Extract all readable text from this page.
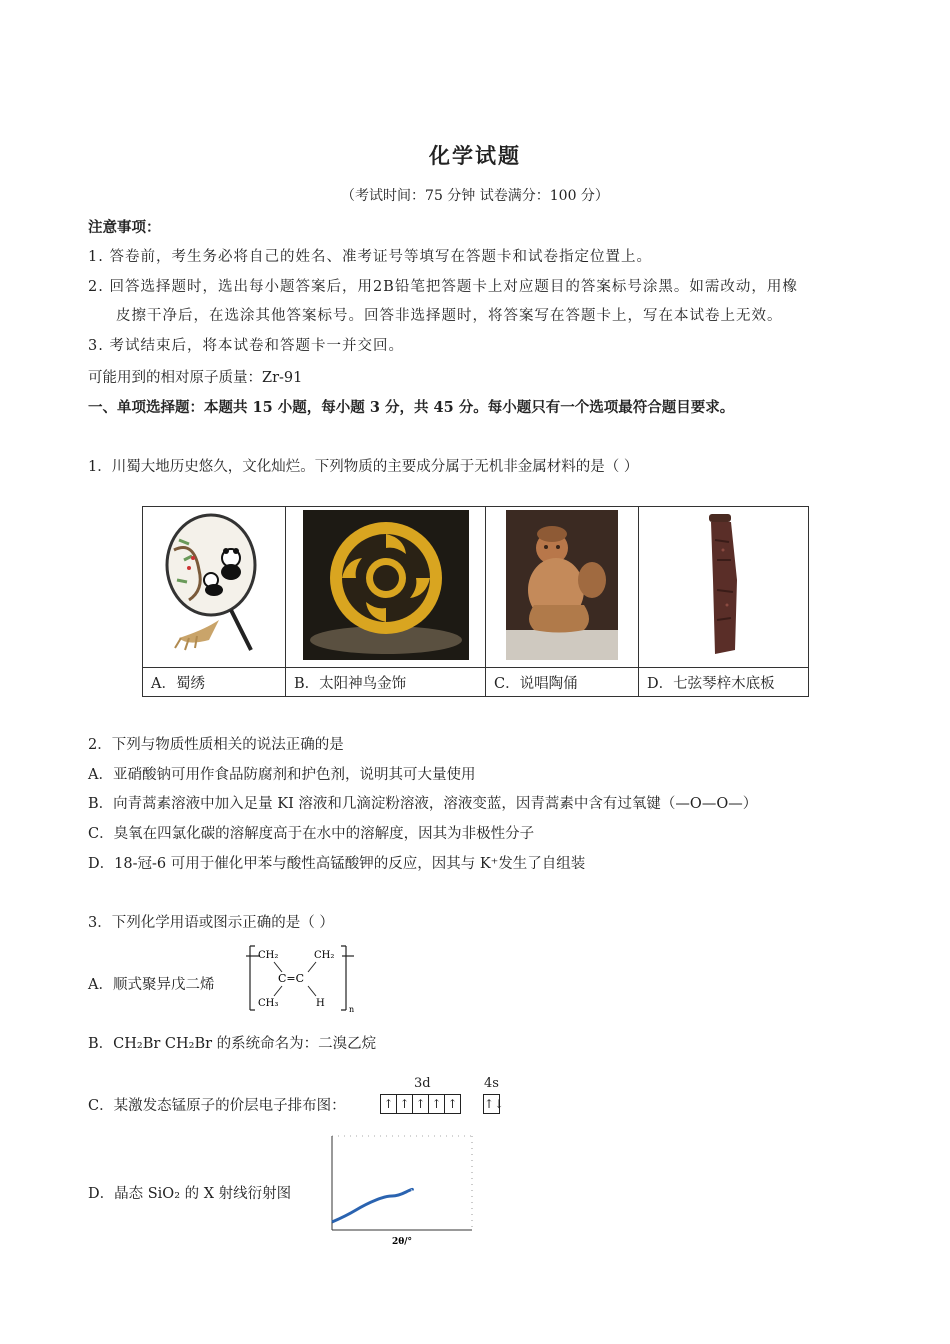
化学试题
（考试时间：75 分钟 试卷满分：100 分）
注意事项：
1. 答卷前，考生务必将自己的姓名、准考证号等填写在答题卡和试卷指定位置上。
2. 回答选择题时，选出每小题答案后，用2B铅笔把答题卡上对应题目的答案标号涂黑。如需改动，用橡
皮擦干净后，在选涂其他答案标号。回答非选择题时，将答案写在答题卡上，写在本试卷上无效。
3. 考试结束后，将本试卷和答题卡一并交回。
可能用到的相对原子质量：Zr-91
一、单项选择题：本题共 15 小题，每小题 3 分，共 45 分。每小题只有一个选项最符合题目要求。
1．川蜀大地历史悠久，文化灿烂。下列物质的主要成分属于无机非金属材料的是（ ）

A．蜀绣	B．太阳神鸟金饰	C．说唱陶俑	D．七弦琴梓木底板
2．下列与物质性质相关的说法正确的是
A．亚硝酸钠可用作食品防腐剂和护色剂，说明其可大量使用
B．向青蒿素溶液中加入足量 KI 溶液和几滴淀粉溶液，溶液变蓝，因青蒿素中含有过氧键（—O—O—）
C．臭氧在四氯化碳的溶解度高于在水中的溶解度，因其为非极性分子
D．18-冠-6 可用于催化甲苯与酸性高锰酸钾的反应，因其与 K⁺发生了自组装
3．下列化学用语或图示正确的是（ ）
A．顺式聚异戊二烯
CH₂	CH₂
C=C
CH₃	H
n
B．CH₂Br CH₂Br 的系统命名为：二溴乙烷
C．某激发态锰原子的价层电子排布图：
3d	4s
↑ ↑ ↑ ↑ ↑ ↑↓
D．晶态 SiO₂ 的 X 射线衍射图
2θ/°
